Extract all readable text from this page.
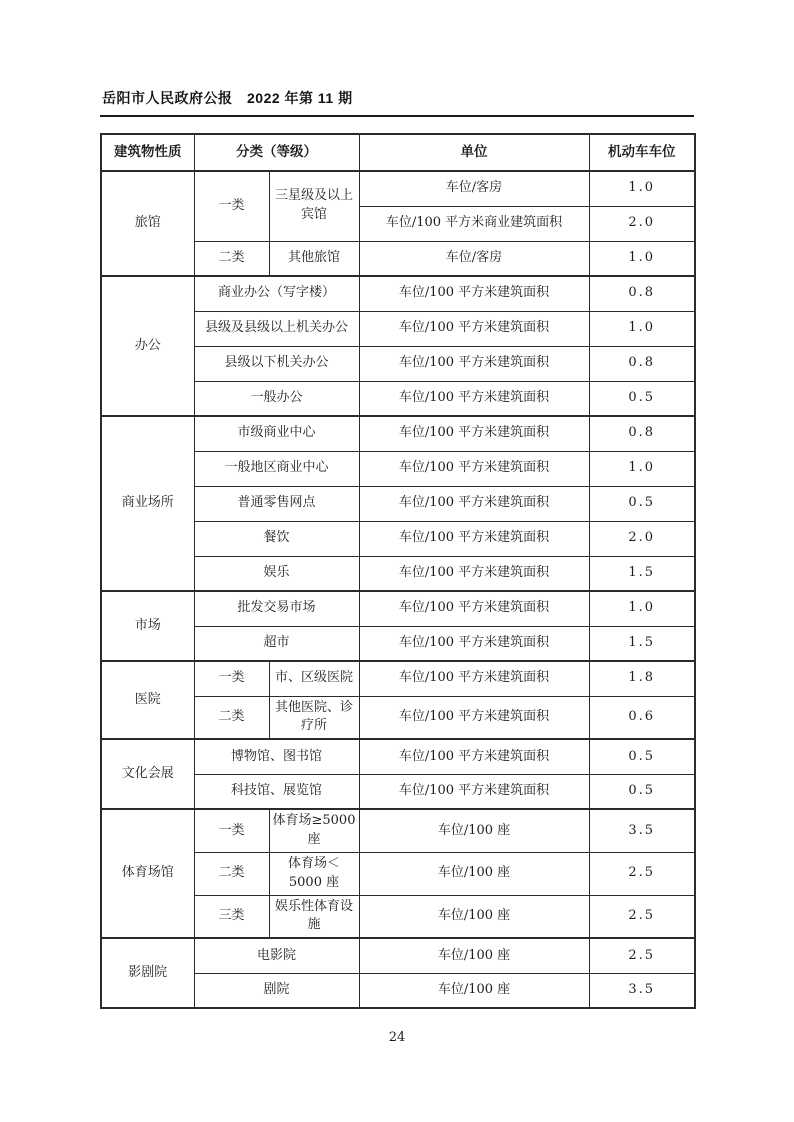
岳阳市人民政府公报　2022 年第 11 期
建筑物性质	分类（等级）		单位	机动车车位
旅馆	一类	三星级及以上宾馆	车位/客房	1.0
			车位/100 平方米商业建筑面积	2.0
	二类	其他旅馆	车位/客房	1.0
办公	商业办公（写字楼）		车位/100 平方米建筑面积	0.8
	县级及县级以上机关办公		车位/100 平方米建筑面积	1.0
	县级以下机关办公		车位/100 平方米建筑面积	0.8
	一般办公		车位/100 平方米建筑面积	0.5
商业场所	市级商业中心		车位/100 平方米建筑面积	0.8
	一般地区商业中心		车位/100 平方米建筑面积	1.0
	普通零售网点		车位/100 平方米建筑面积	0.5
	餐饮		车位/100 平方米建筑面积	2.0
	娱乐		车位/100 平方米建筑面积	1.5
市场	批发交易市场		车位/100 平方米建筑面积	1.0
	超市		车位/100 平方米建筑面积	1.5
医院	一类	市、区级医院	车位/100 平方米建筑面积	1.8
	二类	其他医院、诊疗所	车位/100 平方米建筑面积	0.6
文化会展	博物馆、图书馆		车位/100 平方米建筑面积	0.5
	科技馆、展览馆		车位/100 平方米建筑面积	0.5
体育场馆	一类	体育场≥5000 座	车位/100 座	3.5
	二类	体育场＜5000 座	车位/100 座	2.5
	三类	娱乐性体育设施	车位/100 座	2.5
影剧院	电影院		车位/100 座	2.5
	剧院		车位/100 座	3.5
24
